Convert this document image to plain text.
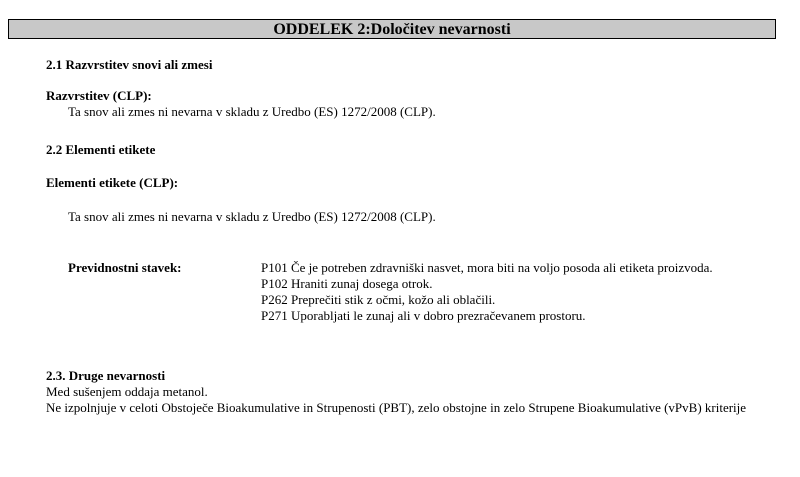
ODDELEK 2:Določitev nevarnosti
2.1 Razvrstitev snovi ali zmesi
Razvrstitev (CLP):
Ta snov ali zmes ni nevarna v skladu z Uredbo (ES) 1272/2008 (CLP).
2.2 Elementi etikete
Elementi etikete (CLP):
Ta snov ali zmes ni nevarna v skladu z Uredbo (ES) 1272/2008 (CLP).
Previdnostni stavek:	P101 Če je potreben zdravniški nasvet, mora biti na voljo posoda ali etiketa proizvoda.
P102 Hraniti zunaj dosega otrok.
P262 Preprečiti stik z očmi, kožo ali oblačili.
P271 Uporabljati le zunaj ali v dobro prezračevanem prostoru.
2.3. Druge nevarnosti
Med sušenjem oddaja metanol.
Ne izpolnjuje v celoti Obstoječe Bioakumulative in Strupenosti (PBT), zelo obstojne in zelo Strupene Bioakumulative (vPvB) kriterije
